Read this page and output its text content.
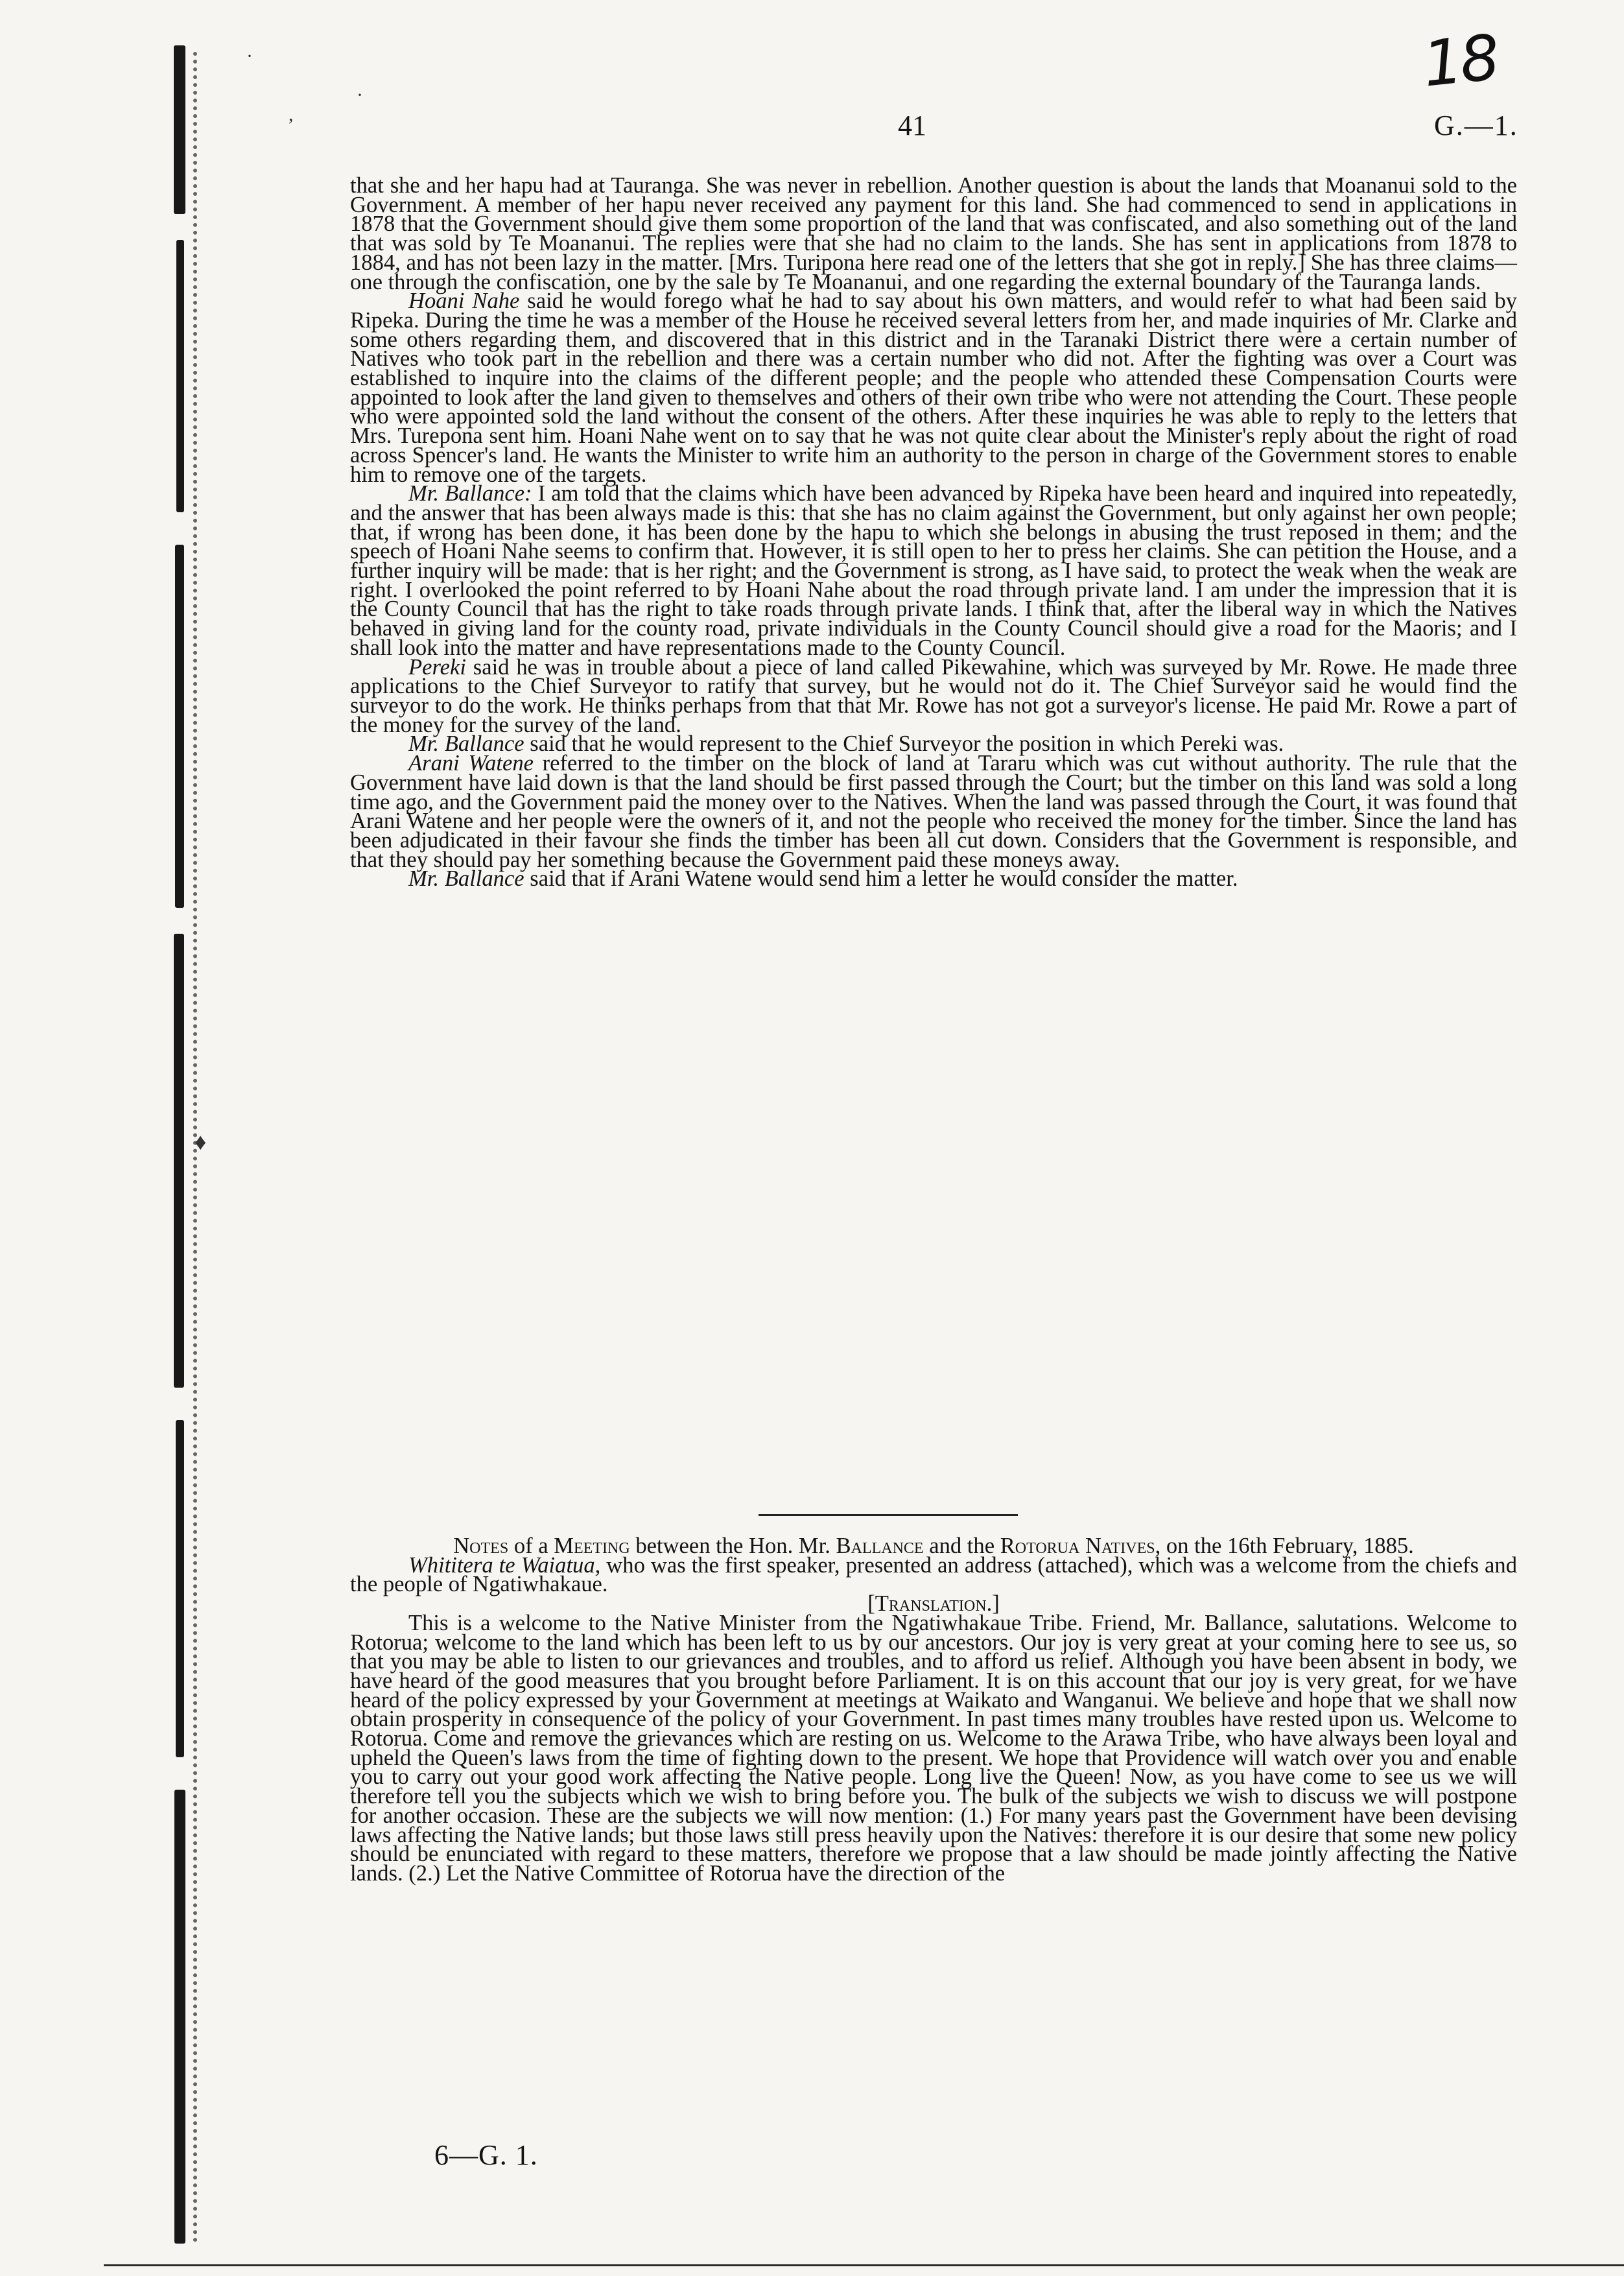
·
,
·
♦
18
41	G.—1.

that she and her hapu had at Tauranga. She was never in rebellion. Another question is about the lands that Moananui sold to the Government. A member of her hapu never received any payment for this land. She had commenced to send in applications in 1878 that the Government should give them some proportion of the land that was confiscated, and also something out of the land that was sold by Te Moananui. The replies were that she had no claim to the lands. She has sent in applications from 1878 to 1884, and has not been lazy in the matter. [Mrs. Turipona here read one of the letters that she got in reply.] She has three claims—one through the confiscation, one by the sale by Te Moananui, and one regarding the external boundary of the Tauranga lands.

Hoani Nahe said he would forego what he had to say about his own matters, and would refer to what had been said by Ripeka. During the time he was a member of the House he received several letters from her, and made inquiries of Mr. Clarke and some others regarding them, and discovered that in this district and in the Taranaki District there were a certain number of Natives who took part in the rebellion and there was a certain number who did not. After the fighting was over a Court was established to inquire into the claims of the different people; and the people who attended these Compensation Courts were appointed to look after the land given to themselves and others of their own tribe who were not attending the Court. These people who were appointed sold the land without the consent of the others. After these inquiries he was able to reply to the letters that Mrs. Turepona sent him. Hoani Nahe went on to say that he was not quite clear about the Minister's reply about the right of road across Spencer's land. He wants the Minister to write him an authority to the person in charge of the Government stores to enable him to remove one of the targets.

Mr. Ballance: I am told that the claims which have been advanced by Ripeka have been heard and inquired into repeatedly, and the answer that has been always made is this: that she has no claim against the Government, but only against her own people; that, if wrong has been done, it has been done by the hapu to which she belongs in abusing the trust reposed in them; and the speech of Hoani Nahe seems to confirm that. However, it is still open to her to press her claims. She can petition the House, and a further inquiry will be made: that is her right; and the Government is strong, as I have said, to protect the weak when the weak are right. I overlooked the point referred to by Hoani Nahe about the road through private land. I am under the impression that it is the County Council that has the right to take roads through private lands. I think that, after the liberal way in which the Natives behaved in giving land for the county road, private individuals in the County Council should give a road for the Maoris; and I shall look into the matter and have representations made to the County Council.

Pereki said he was in trouble about a piece of land called Pikewahine, which was surveyed by Mr. Rowe. He made three applications to the Chief Surveyor to ratify that survey, but he would not do it. The Chief Surveyor said he would find the surveyor to do the work. He thinks perhaps from that that Mr. Rowe has not got a surveyor's license. He paid Mr. Rowe a part of the money for the survey of the land.

Mr. Ballance said that he would represent to the Chief Surveyor the position in which Pereki was.

Arani Watene referred to the timber on the block of land at Tararu which was cut without authority. The rule that the Government have laid down is that the land should be first passed through the Court; but the timber on this land was sold a long time ago, and the Government paid the money over to the Natives. When the land was passed through the Court, it was found that Arani Watene and her people were the owners of it, and not the people who received the money for the timber. Since the land has been adjudicated in their favour she finds the timber has been all cut down. Considers that the Government is responsible, and that they should pay her something because the Government paid these moneys away.

Mr. Ballance said that if Arani Watene would send him a letter he would consider the matter.

Notes of a Meeting between the Hon. Mr. Ballance and the Rotorua Natives, on the 16th February, 1885.

Whititera te Waiatua, who was the first speaker, presented an address (attached), which was a welcome from the chiefs and the people of Ngatiwhakaue.

[Translation.]

This is a welcome to the Native Minister from the Ngatiwhakaue Tribe. Friend, Mr. Ballance, salutations. Welcome to Rotorua; welcome to the land which has been left to us by our ancestors. Our joy is very great at your coming here to see us, so that you may be able to listen to our grievances and troubles, and to afford us relief. Although you have been absent in body, we have heard of the good measures that you brought before Parliament. It is on this account that our joy is very great, for we have heard of the policy expressed by your Government at meetings at Waikato and Wanganui. We believe and hope that we shall now obtain prosperity in consequence of the policy of your Government. In past times many troubles have rested upon us. Welcome to Rotorua. Come and remove the grievances which are resting on us. Welcome to the Arawa Tribe, who have always been loyal and upheld the Queen's laws from the time of fighting down to the present. We hope that Providence will watch over you and enable you to carry out your good work affecting the Native people. Long live the Queen! Now, as you have come to see us we will therefore tell you the subjects which we wish to bring before you. The bulk of the subjects we wish to discuss we will postpone for another occasion. These are the subjects we will now mention: (1.) For many years past the Government have been devising laws affecting the Native lands; but those laws still press heavily upon the Natives: therefore it is our desire that some new policy should be enunciated with regard to these matters, therefore we propose that a law should be made jointly affecting the Native lands. (2.) Let the Native Committee of Rotorua have the direction of the

6—G. 1.
